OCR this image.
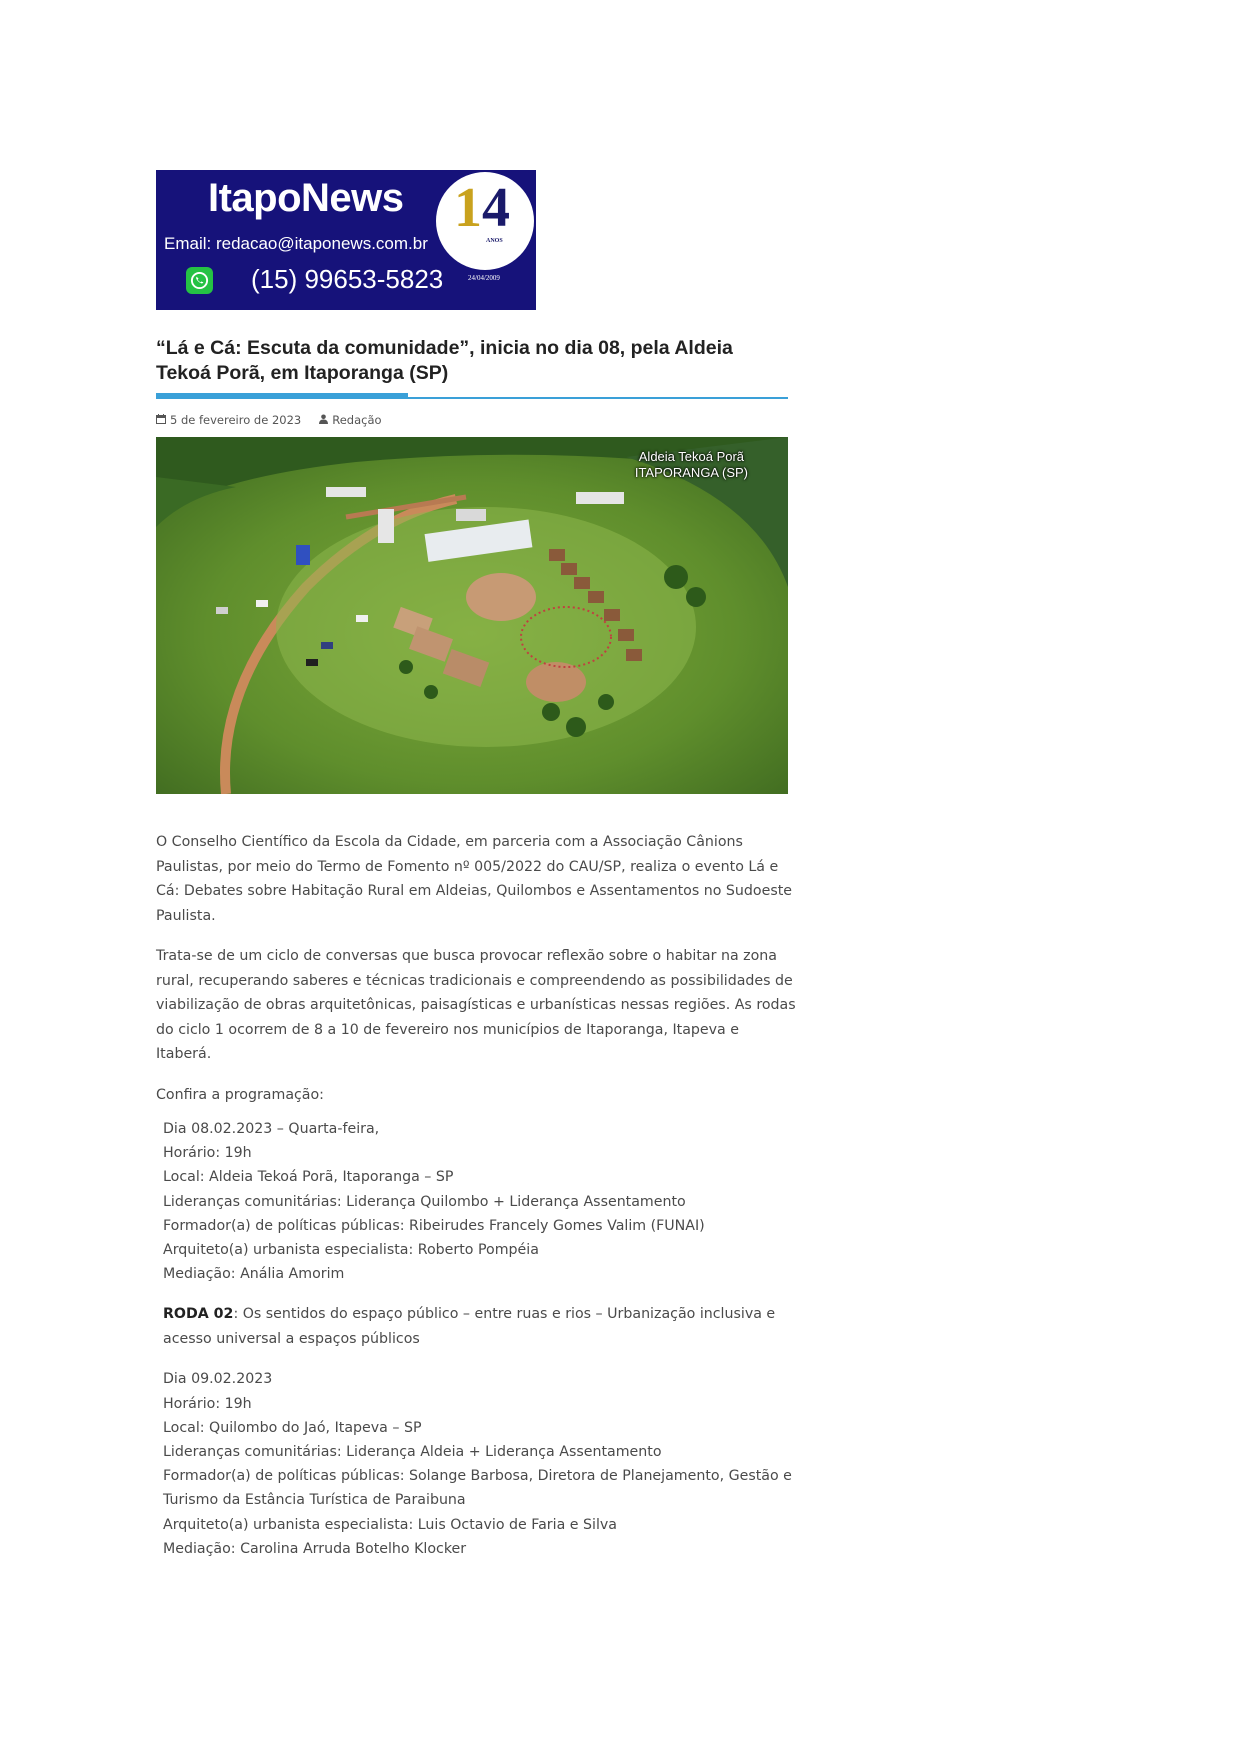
ItapoNews
Email: redacao@itaponews.com.br
(15) 99653-5823
14
ANOS
24/04/2009
“Lá e Cá: Escuta da comunidade”, inicia no dia 08, pela Aldeia Tekoá Porã, em Itaporanga (SP)
5 de fevereiro de 2023	Redação
Aldeia Tekoá Porã
ITAPORANGA (SP)

O Conselho Científico da Escola da Cidade, em parceria com a Associação Cânions Paulistas, por meio do Termo de Fomento nº 005/2022 do CAU/SP, realiza o evento Lá e Cá: Debates sobre Habitação Rural em Aldeias, Quilombos e Assentamentos no Sudoeste Paulista.

Trata-se de um ciclo de conversas que busca provocar reflexão sobre o habitar na zona rural, recuperando saberes e técnicas tradicionais e compreendendo as possibilidades de viabilização de obras arquitetônicas, paisagísticas e urbanísticas nessas regiões. As rodas do ciclo 1 ocorrem de 8 a 10 de fevereiro nos municípios de Itaporanga, Itapeva e Itaberá.

Confira a programação:
Dia 08.02.2023 – Quarta-feira,
Horário: 19h
Local: Aldeia Tekoá Porã, Itaporanga – SP
Lideranças comunitárias: Liderança Quilombo + Liderança Assentamento
Formador(a) de políticas públicas: Ribeirudes Francely Gomes Valim (FUNAI)
Arquiteto(a) urbanista especialista: Roberto Pompéia
Mediação: Anália Amorim
RODA 02: Os sentidos do espaço público – entre ruas e rios – Urbanização inclusiva e acesso universal a espaços públicos
Dia 09.02.2023
Horário: 19h
Local: Quilombo do Jaó, Itapeva – SP
Lideranças comunitárias: Liderança Aldeia + Liderança Assentamento
Formador(a) de políticas públicas: Solange Barbosa, Diretora de Planejamento, Gestão e Turismo da Estância Turística de Paraibuna
Arquiteto(a) urbanista especialista: Luis Octavio de Faria e Silva
Mediação: Carolina Arruda Botelho Klocker
